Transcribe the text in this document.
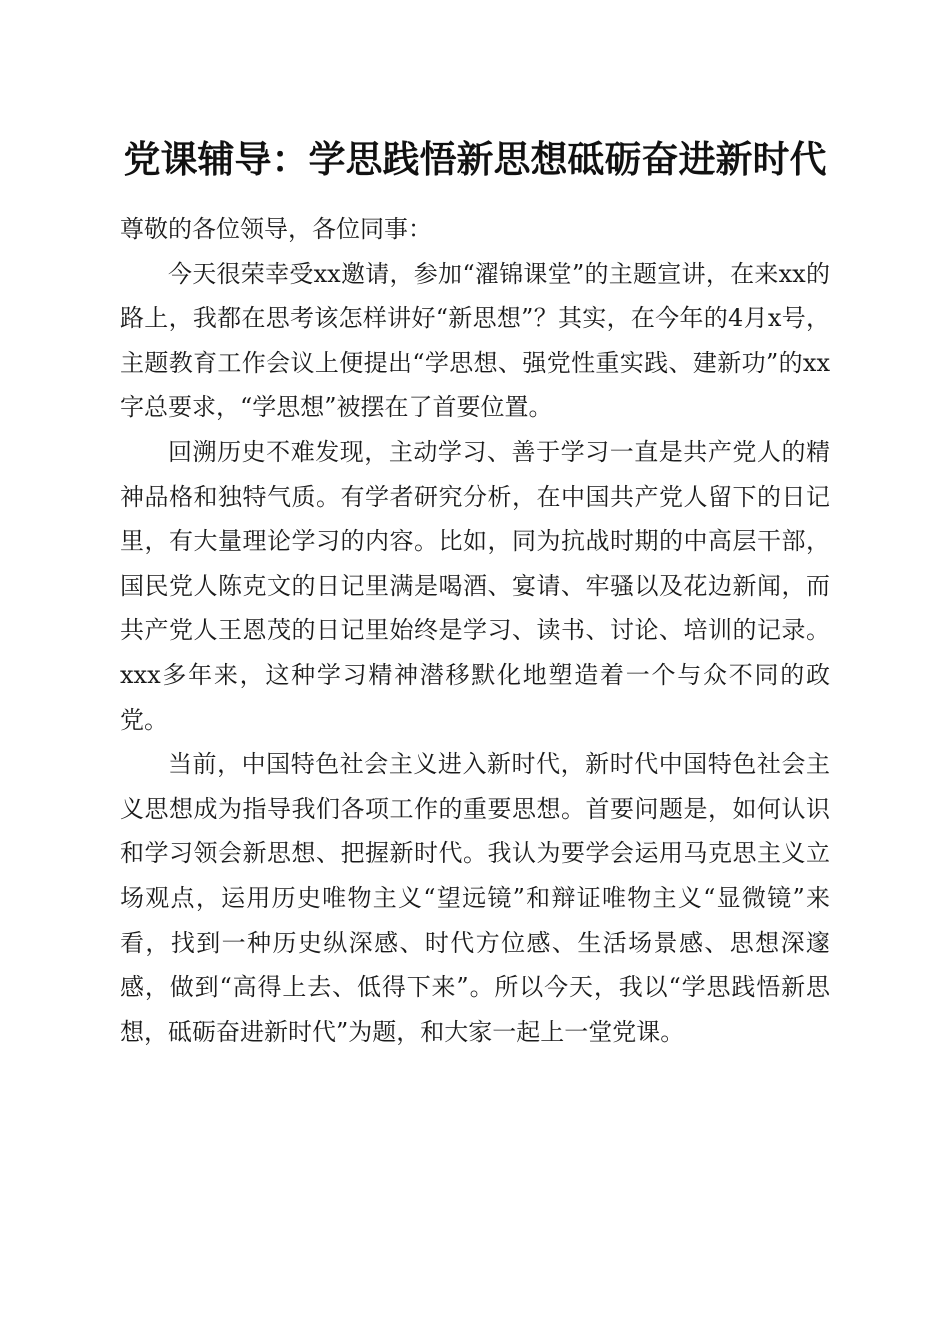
党课辅导：学思践悟新思想砥砺奋进新时代

尊敬的各位领导，各位同事：

今天很荣幸受xx邀请，参加“濯锦课堂”的主题宣讲，在来xx的路上，我都在思考该怎样讲好“新思想”？其实，在今年的4月x号，主题教育工作会议上便提出“学思想、强党性重实践、建新功”的xx字总要求，“学思想”被摆在了首要位置。

回溯历史不难发现，主动学习、善于学习一直是共产党人的精神品格和独特气质。有学者研究分析，在中国共产党人留下的日记里，有大量理论学习的内容。比如，同为抗战时期的中高层干部，国民党人陈克文的日记里满是喝酒、宴请、牢骚以及花边新闻，而共产党人王恩茂的日记里始终是学习、读书、讨论、培训的记录。xxx多年来，这种学习精神潜移默化地塑造着一个与众不同的政党。

当前，中国特色社会主义进入新时代，新时代中国特色社会主义思想成为指导我们各项工作的重要思想。首要问题是，如何认识和学习领会新思想、把握新时代。我认为要学会运用马克思主义立场观点，运用历史唯物主义“望远镜”和辩证唯物主义“显微镜”来看，找到一种历史纵深感、时代方位感、生活场景感、思想深邃感，做到“高得上去、低得下来”。所以今天，我以“学思践悟新思想，砥砺奋进新时代”为题，和大家一起上一堂党课。
